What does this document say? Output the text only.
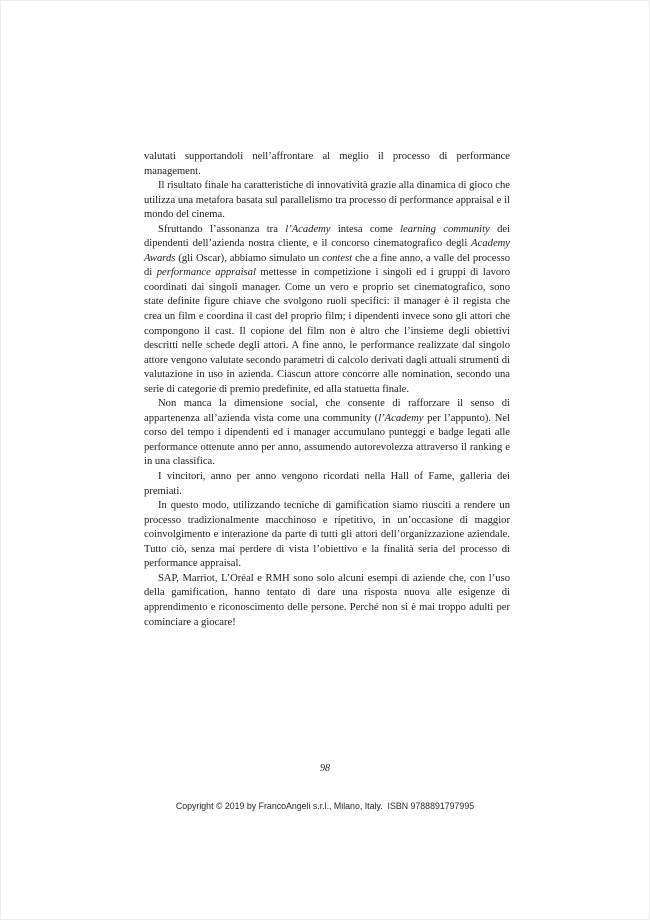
valutati supportandoli nell’affrontare al meglio il processo di performance management.

Il risultato finale ha caratteristiche di innovatività grazie alla dinamica di gioco che utilizza una metafora basata sul parallelismo tra processo di performance appraisal e il mondo del cinema.

Sfruttando l’assonanza tra l’Academy intesa come learning community dei dipendenti dell’azienda nostra cliente, e il concorso cinematografico degli Academy Awards (gli Oscar), abbiamo simulato un contest che a fine anno, a valle del processo di performance appraisal mettesse in competizione i singoli ed i gruppi di lavoro coordinati dai singoli manager. Come un vero e proprio set cinematografico, sono state definite figure chiave che svolgono ruoli specifici: il manager è il regista che crea un film e coordina il cast del proprio film; i dipendenti invece sono gli attori che compongono il cast. Il copione del film non è altro che l’insieme degli obiettivi descritti nelle schede degli attori. A fine anno, le performance realizzate dal singolo attore vengono valutate secondo parametri di calcolo derivati dagli attuali strumenti di valutazione in uso in azienda. Ciascun attore concorre alle nomination, secondo una serie di categorie di premio predefinite, ed alla statuetta finale.

Non manca la dimensione social, che consente di rafforzare il senso di appartenenza all’azienda vista come una community (l’Academy per l’appunto). Nel corso del tempo i dipendenti ed i manager accumulano punteggi e badge legati alle performance ottenute anno per anno, assumendo autorevolezza attraverso il ranking e in una classifica.

I vincitori, anno per anno vengono ricordati nella Hall of Fame, galleria dei premiati.

In questo modo, utilizzando tecniche di gamification siamo riusciti a rendere un processo tradizionalmente macchinoso e ripetitivo, in un’occasione di maggior coinvolgimento e interazione da parte di tutti gli attori dell’organizzazione aziendale. Tutto ciò, senza mai perdere di vista l’obiettivo e la finalità seria del processo di performance appraisal.

SAP, Marriot, L’Oréal e RMH sono solo alcuni esempi di aziende che, con l’uso della gamification, hanno tentato di dare una risposta nuova alle esigenze di apprendimento e riconoscimento delle persone. Perché non si è mai troppo adulti per cominciare a giocare!

98
Copyright © 2019 by FrancoAngeli s.r.l., Milano, Italy.  ISBN 9788891797995
